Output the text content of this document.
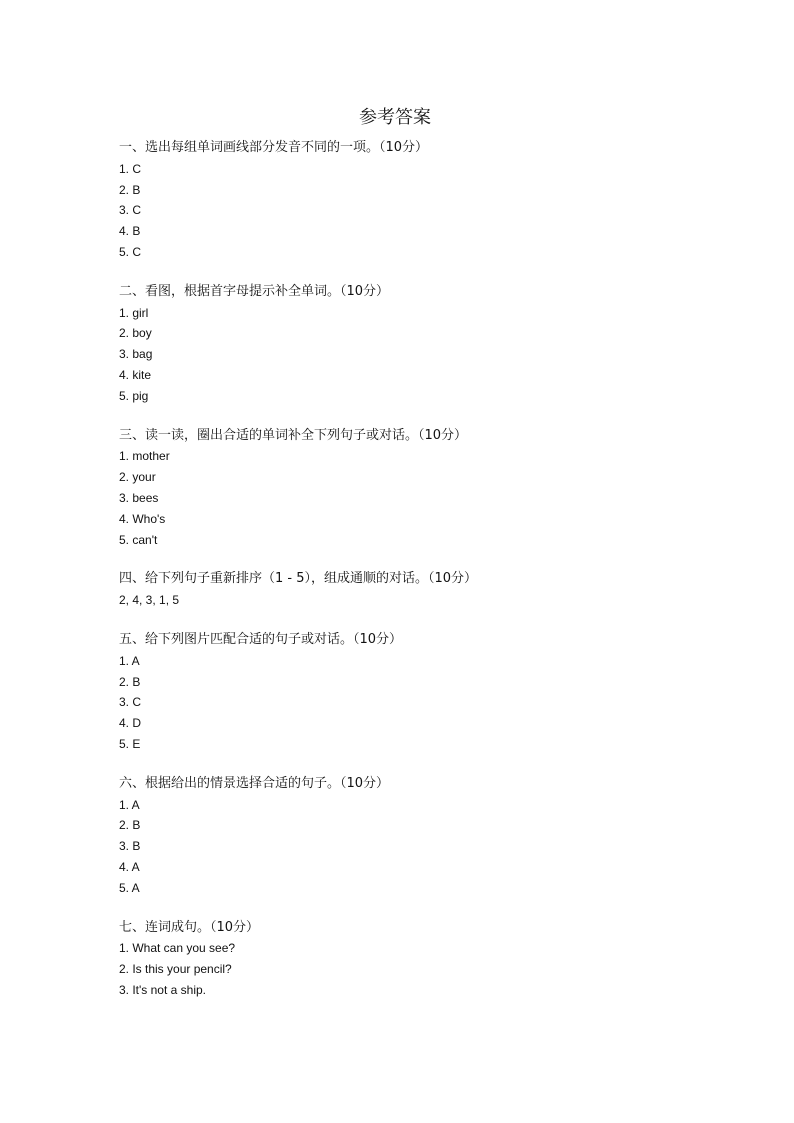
参考答案
一、选出每组单词画线部分发音不同的一项。（10分）
1. C
2. B
3. C
4. B
5. C
二、看图，根据首字母提示补全单词。（10分）
1. girl
2. boy
3. bag
4. kite
5. pig
三、读一读，圈出合适的单词补全下列句子或对话。（10分）
1. mother
2. your
3. bees
4. Who's
5. can't
四、给下列句子重新排序（1 - 5），组成通顺的对话。（10分）
2, 4, 3, 1, 5
五、给下列图片匹配合适的句子或对话。（10分）
1. A
2. B
3. C
4. D
5. E
六、根据给出的情景选择合适的句子。（10分）
1. A
2. B
3. B
4. A
5. A
七、连词成句。（10分）
1. What can you see?
2. Is this your pencil?
3. It's not a ship.
